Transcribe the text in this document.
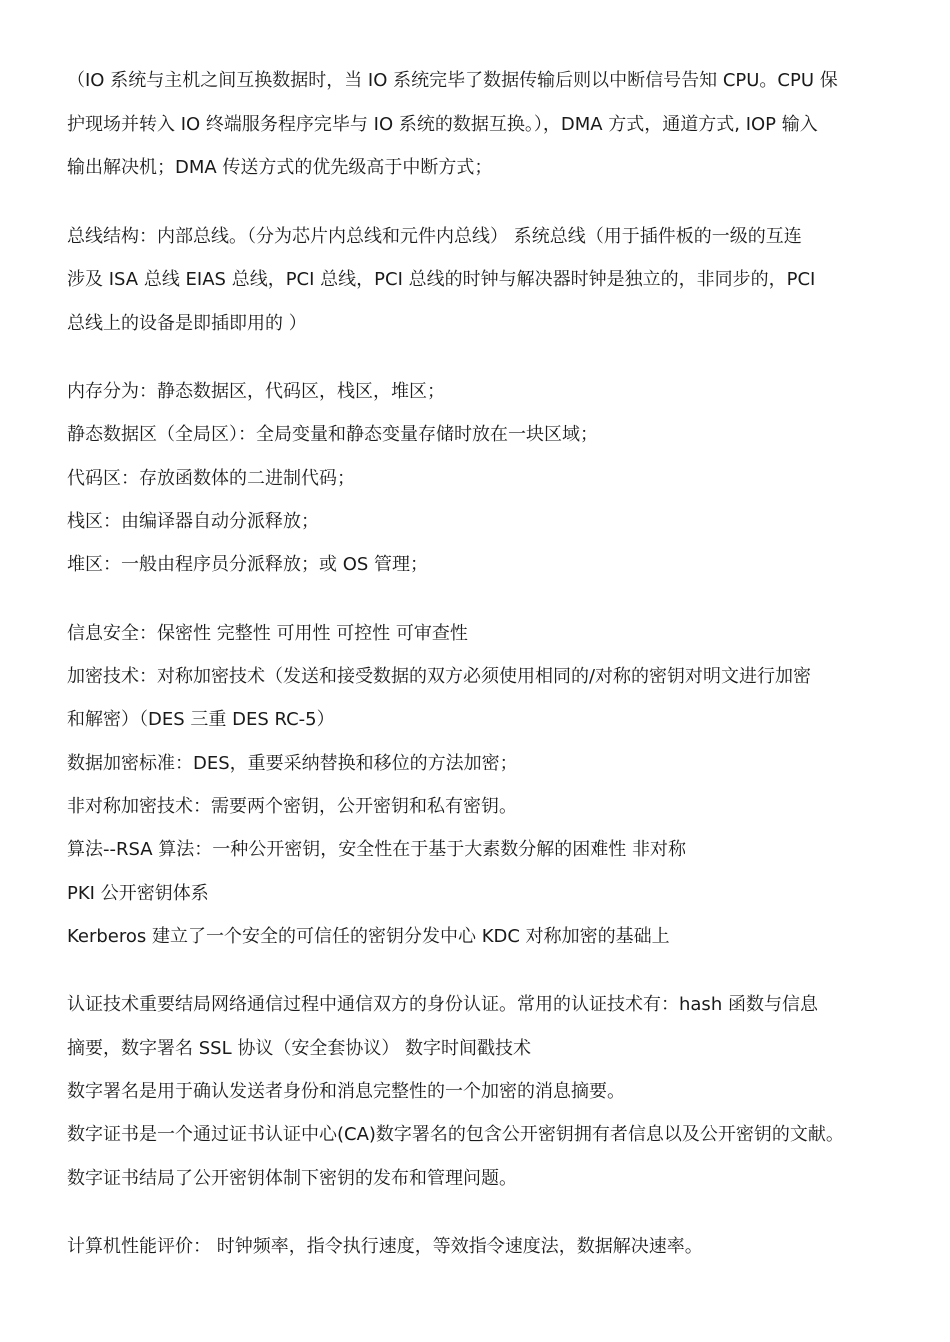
（IO 系统与主机之间互换数据时，当 IO 系统完毕了数据传输后则以中断信号告知 CPU。CPU 保
护现场并转入 IO 终端服务程序完毕与 IO 系统的数据互换。），DMA 方式，通道方式, IOP 输入
输出解决机；DMA 传送方式的优先级高于中断方式；
总线结构：内部总线。（分为芯片内总线和元件内总线） 系统总线（用于插件板的一级的互连
涉及 ISA 总线 EIAS 总线，PCI 总线，PCI 总线的时钟与解决器时钟是独立的，非同步的，PCI
总线上的设备是即插即用的 ）
内存分为：静态数据区，代码区，栈区，堆区；
静态数据区（全局区）：全局变量和静态变量存储时放在一块区域；
代码区：存放函数体的二进制代码；
栈区：由编译器自动分派释放；
堆区：一般由程序员分派释放；或 OS 管理；
信息安全：保密性 完整性 可用性 可控性 可审查性
加密技术：对称加密技术（发送和接受数据的双方必须使用相同的/对称的密钥对明文进行加密
和解密）（DES 三重 DES RC-5）
数据加密标准：DES，重要采纳替换和移位的方法加密；
非对称加密技术：需要两个密钥，公开密钥和私有密钥。
算法--RSA 算法：一种公开密钥，安全性在于基于大素数分解的困难性 非对称
PKI 公开密钥体系
Kerberos 建立了一个安全的可信任的密钥分发中心 KDC 对称加密的基础上
认证技术重要结局网络通信过程中通信双方的身份认证。常用的认证技术有：hash 函数与信息
摘要，数字署名 SSL 协议（安全套协议） 数字时间戳技术
数字署名是用于确认发送者身份和消息完整性的一个加密的消息摘要。
数字证书是一个通过证书认证中心(CA)数字署名的包含公开密钥拥有者信息以及公开密钥的文献。
数字证书结局了公开密钥体制下密钥的发布和管理问题。
计算机性能评价： 时钟频率，指令执行速度，等效指令速度法，数据解决速率。
